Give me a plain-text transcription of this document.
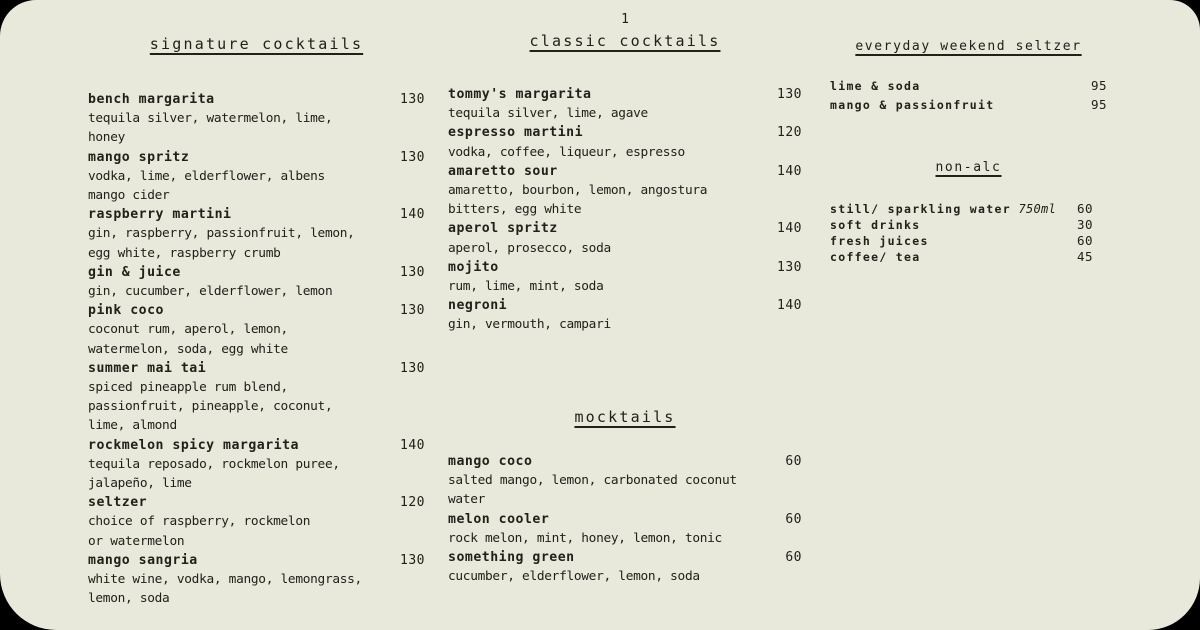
signature cocktails
bench margarita	130
tequila silver, watermelon, lime,
honey
mango spritz	130
vodka, lime, elderflower, albens
mango cider
raspberry martini	140
gin, raspberry, passionfruit, lemon,
egg white, raspberry crumb
gin & juice	130
gin, cucumber, elderflower, lemon
pink coco	130
coconut rum, aperol, lemon,
watermelon, soda, egg white
summer mai tai	130
spiced pineapple rum blend,
passionfruit, pineapple, coconut,
lime, almond
rockmelon spicy margarita	140
tequila reposado, rockmelon puree,
jalapeño, lime
seltzer	120
choice of raspberry, rockmelon
or watermelon
mango sangria	130
white wine, vodka, mango, lemongrass,
lemon, soda
1
classic cocktails
tommy's margarita	130
tequila silver, lime, agave
espresso martini	120
vodka, coffee, liqueur, espresso
amaretto sour	140
amaretto, bourbon, lemon, angostura
bitters, egg white
aperol spritz	140
aperol, prosecco, soda
mojito	130
rum, lime, mint, soda
negroni	140
gin, vermouth, campari
mocktails
mango coco	60
salted mango, lemon, carbonated coconut
water
melon cooler	60
rock melon, mint, honey, lemon, tonic
something green	60
cucumber, elderflower, lemon, soda
everyday weekend seltzer
lime & soda	95
mango & passionfruit	95
non-alc
still/ sparkling water 750ml 60
soft drinks	30
fresh juices	60
coffee/ tea	45
